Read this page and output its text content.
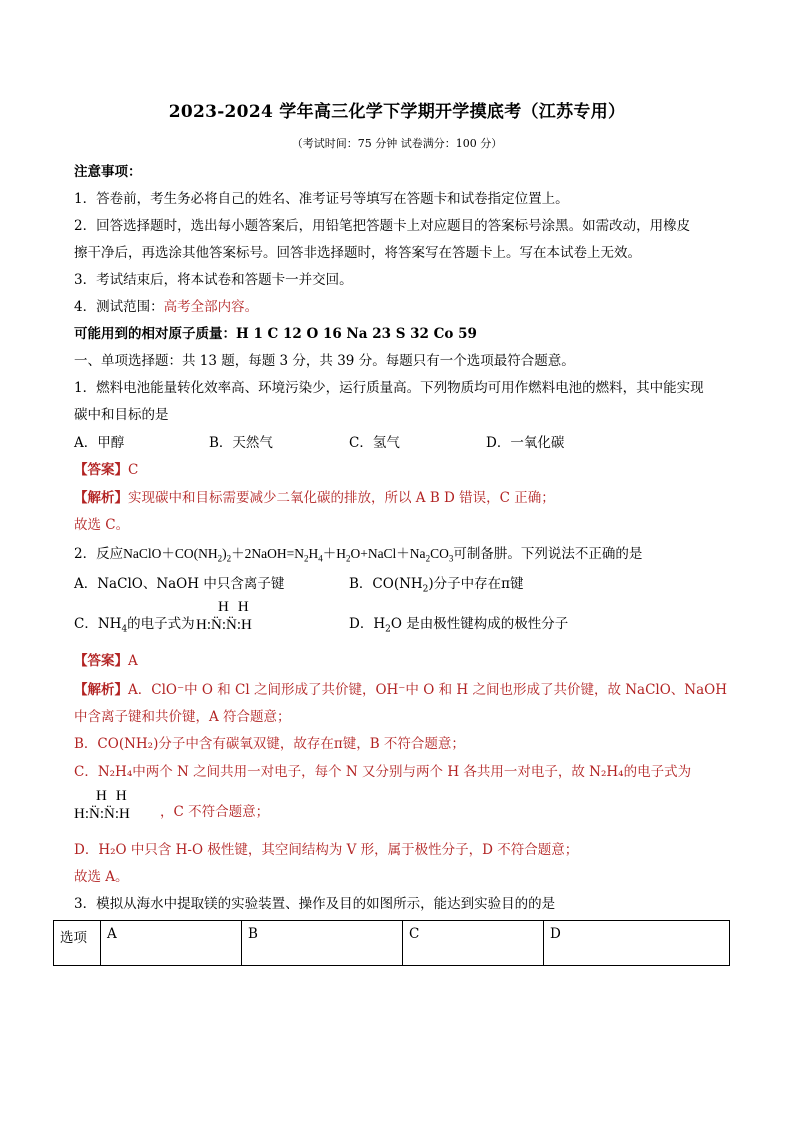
2023-2024 学年高三化学下学期开学摸底考（江苏专用）
（考试时间：75 分钟 试卷满分：100 分）
注意事项：
1．答卷前，考生务必将自己的姓名、准考证号等填写在答题卡和试卷指定位置上。
2．回答选择题时，选出每小题答案后，用铅笔把答题卡上对应题目的答案标号涂黑。如需改动，用橡皮
擦干净后，再选涂其他答案标号。回答非选择题时，将答案写在答题卡上。写在本试卷上无效。
3．考试结束后，将本试卷和答题卡一并交回。
4．测试范围：高考全部内容。
可能用到的相对原子质量：H 1 C 12 O 16 Na 23 S 32 Co 59
一、单项选择题：共 13 题，每题 3 分，共 39 分。每题只有一个选项最符合题意。
1．燃料电池能量转化效率高、环境污染少，运行质量高。下列物质均可用作燃料电池的燃料，其中能实现
碳中和目标的是
A．甲醇	B．天然气	C．氢气	D．一氧化碳
【答案】C
【解析】实现碳中和目标需要减少二氧化碳的排放，所以 A B D 错误，C 正确；
故选 C。
2．反应$NaClO+CO(NH_2)_2+2NaOH=N_2H_4+H_2O+NaCl+Na_2CO_3$可制备肼。下列说法不正确的是
A．NaClO、NaOH 中只含离子键	B．$CO(NH_2)$分子中存在π键
C．$NH_4$的电子式为
HH
H:N̈:N̈:H	D．$H_2O$ 是由极性键构成的极性分子
【答案】A
【解析】A．ClO⁻中 O 和 Cl 之间形成了共价键，OH⁻中 O 和 H 之间也形成了共价键，故 NaClO、NaOH
中含离子键和共价键，A 符合题意；
B．CO(NH₂)分子中含有碳氧双键，故存在π键，B 不符合题意；
C．N₂H₄中两个 N 之间共用一对电子，每个 N 又分别与两个 H 各共用一对电子，故 N₂H₄的电子式为
HH
H:N̈:N̈:H	，C 不符合题意；
D．H₂O 中只含 H-O 极性键，其空间结构为 V 形，属于极性分子，D 不符合题意；
故选 A。
3．模拟从海水中提取镁的实验装置、操作及目的如图所示，能达到实验目的的是
选项	A	B	C	D
